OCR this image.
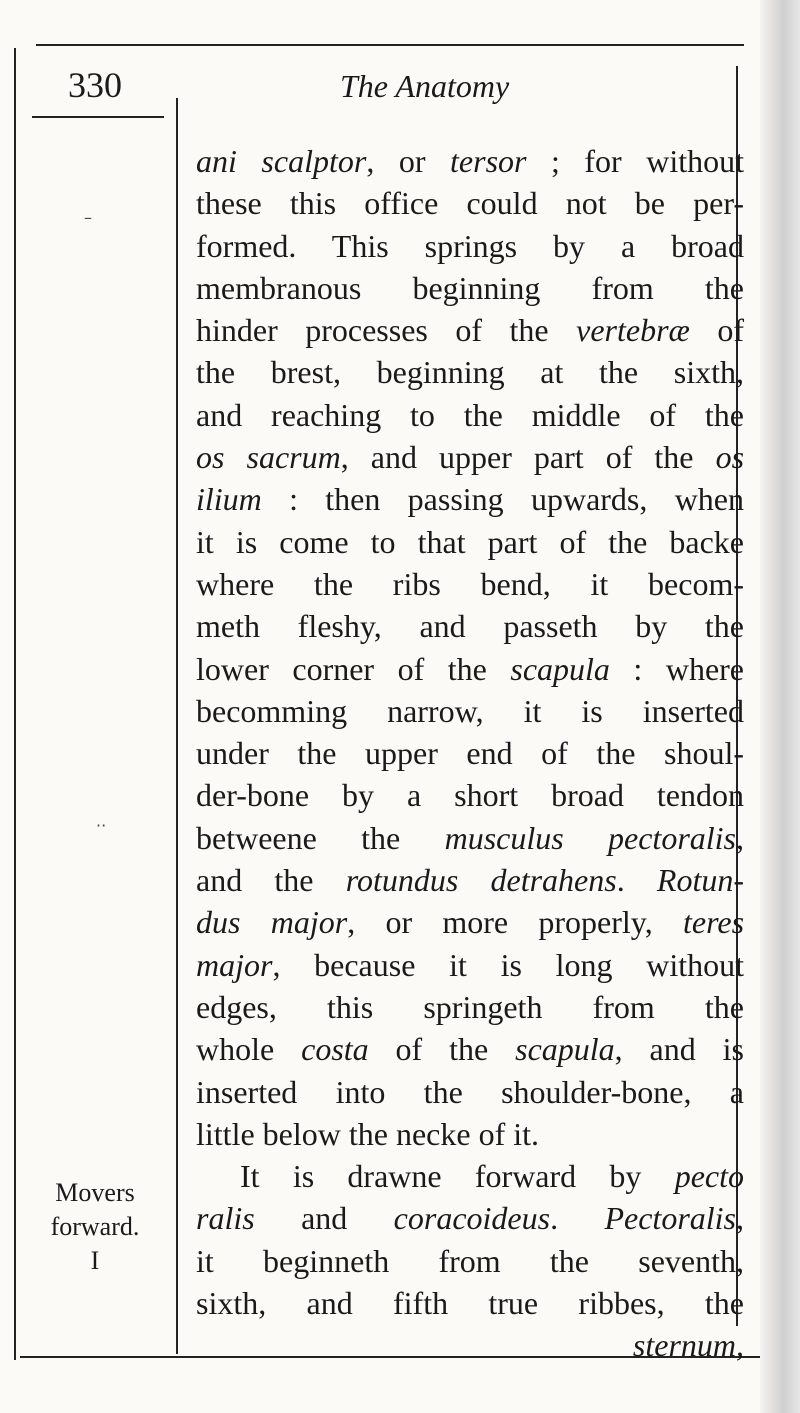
330	The Anatomy
ani scalptor, or tersor ; for without
these this office could not be per-
formed. This springs by a broad
membranous beginning from the
hinder processes of the vertebræ of
the brest, beginning at the sixth,
and reaching to the middle of the
os sacrum, and upper part of the os
ilium : then passing upwards, when
it is come to that part of the backe
where the ribs bend, it becom-
meth fleshy, and passeth by the
lower corner of the scapula : where
becomming narrow, it is inserted
under the upper end of the shoul-
der-bone by a short broad tendon
betweene the musculus pectoralis,
and the rotundus detrahens. Rotun-
dus major, or more properly, teres
major, because it is long without
edges, this springeth from the
whole costa of the scapula, and is
inserted into the shoulder-bone, a
little below the necke of it.
It is drawne forward by pecto
ralis and coracoideus. Pectoralis,
it beginneth from the seventh,
sixth, and fifth true ribbes, the
sternum,
Movers
forward.
I
–
··
